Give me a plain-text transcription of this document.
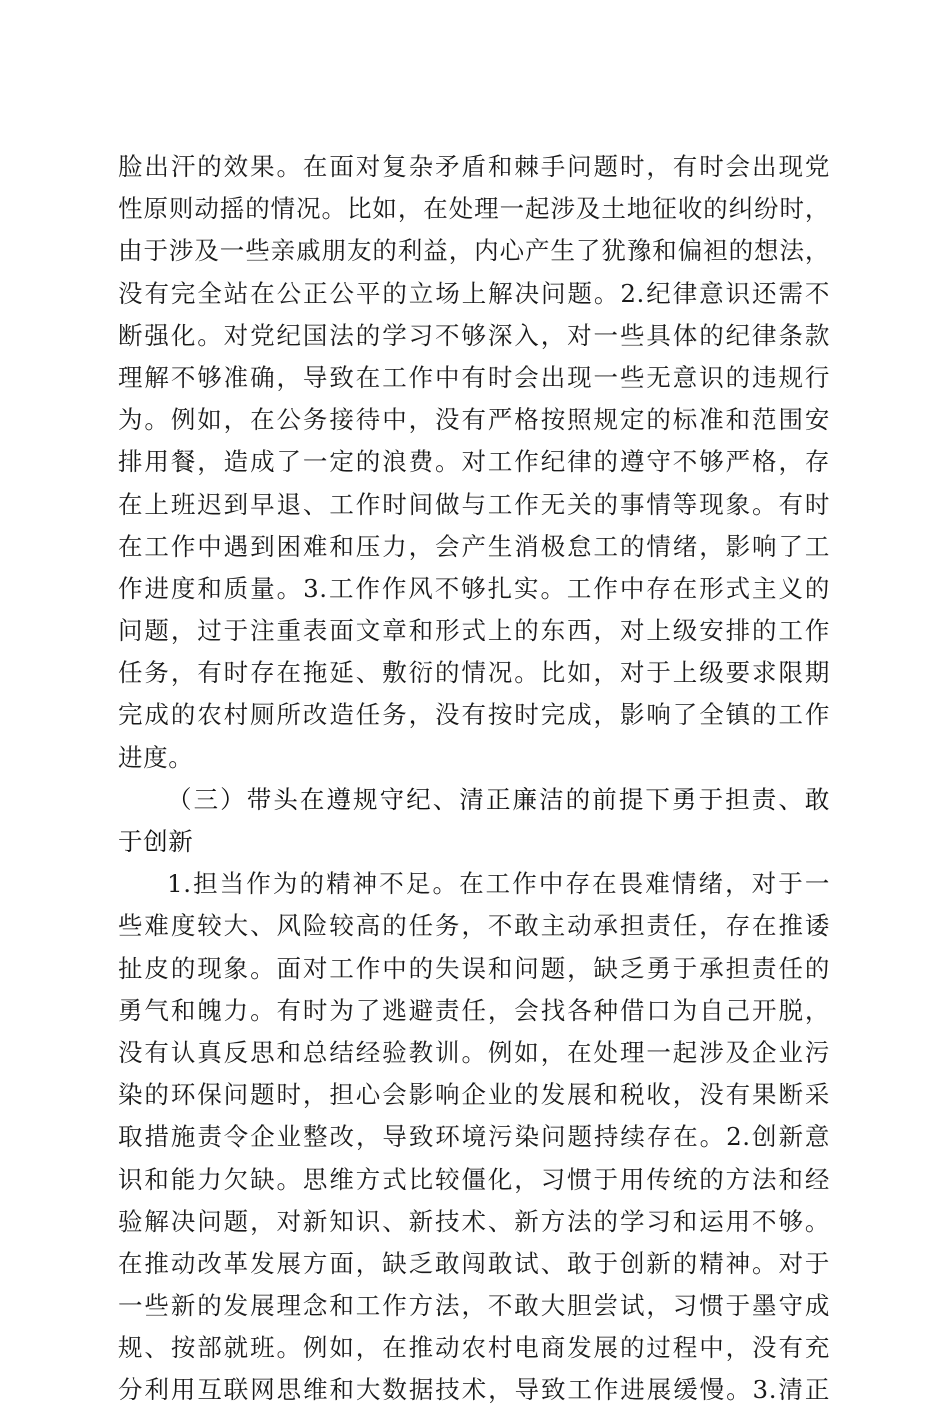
脸出汗的效果。在面对复杂矛盾和棘手问题时，有时会出现党
性原则动摇的情况。比如，在处理一起涉及土地征收的纠纷时，
由于涉及一些亲戚朋友的利益，内心产生了犹豫和偏袒的想法，
没有完全站在公正公平的立场上解决问题。2.纪律意识还需不
断强化。对党纪国法的学习不够深入，对一些具体的纪律条款
理解不够准确，导致在工作中有时会出现一些无意识的违规行
为。例如，在公务接待中，没有严格按照规定的标准和范围安
排用餐，造成了一定的浪费。对工作纪律的遵守不够严格，存
在上班迟到早退、工作时间做与工作无关的事情等现象。有时
在工作中遇到困难和压力，会产生消极怠工的情绪，影响了工
作进度和质量。3.工作作风不够扎实。工作中存在形式主义的
问题，过于注重表面文章和形式上的东西，对上级安排的工作
任务，有时存在拖延、敷衍的情况。比如，对于上级要求限期
完成的农村厕所改造任务，没有按时完成，影响了全镇的工作
进度。
（三）带头在遵规守纪、清正廉洁的前提下勇于担责、敢
于创新
1.担当作为的精神不足。在工作中存在畏难情绪，对于一
些难度较大、风险较高的任务，不敢主动承担责任，存在推诿
扯皮的现象。面对工作中的失误和问题，缺乏勇于承担责任的
勇气和魄力。有时为了逃避责任，会找各种借口为自己开脱，
没有认真反思和总结经验教训。例如，在处理一起涉及企业污
染的环保问题时，担心会影响企业的发展和税收，没有果断采
取措施责令企业整改，导致环境污染问题持续存在。2.创新意
识和能力欠缺。思维方式比较僵化，习惯于用传统的方法和经
验解决问题，对新知识、新技术、新方法的学习和运用不够。
在推动改革发展方面，缺乏敢闯敢试、敢于创新的精神。对于
一些新的发展理念和工作方法，不敢大胆尝试，习惯于墨守成
规、按部就班。例如，在推动农村电商发展的过程中，没有充
分利用互联网思维和大数据技术，导致工作进展缓慢。3.清正
